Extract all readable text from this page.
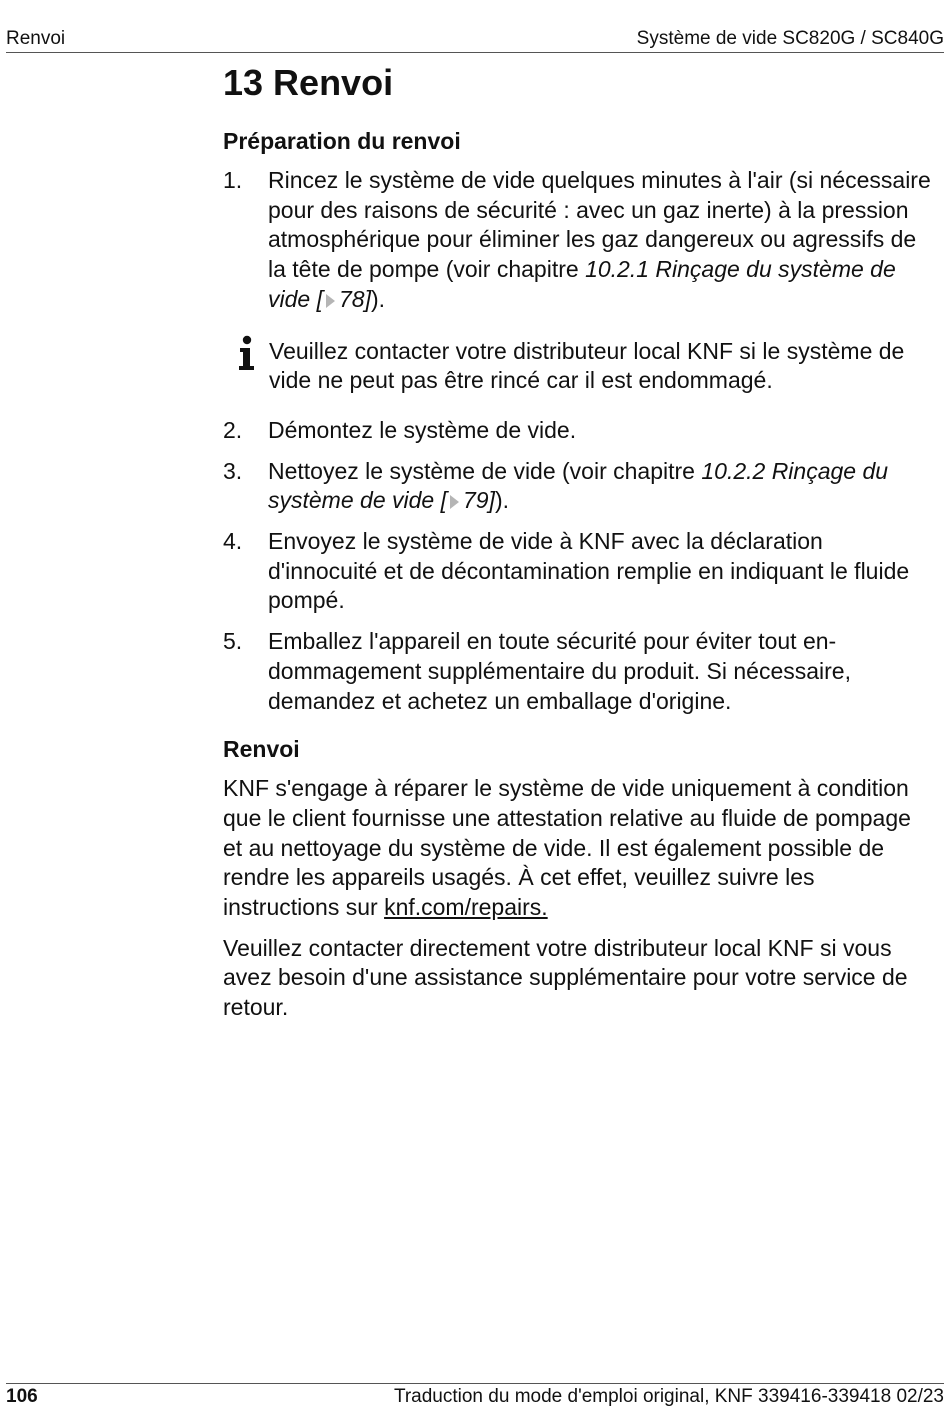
Renvoi	Système de vide SC820G / SC840G
13 Renvoi
Préparation du renvoi
1.	Rincez le système de vide quelques minutes à l'air (si nécessaire pour des raisons de sécurité : avec un gaz inerte) à la pression atmosphérique pour éliminer les gaz dangereux ou agressifs de la tête de pompe (voir chapitre 10.2.1 Rinçage du système de vide [ 78]).
Veuillez contacter votre distributeur local KNF si le système de vide ne peut pas être rincé car il est endommagé.
2.	Démontez le système de vide.
3.	Nettoyez le système de vide (voir chapitre 10.2.2 Rinçage du système de vide [ 79]).
4.	Envoyez le système de vide à KNF avec la déclaration d'innocuité et de décontamination remplie en indiquant le fluide pompé.
5.	Emballez l'appareil en toute sécurité pour éviter tout endommagement supplémentaire du produit. Si nécessaire, demandez et achetez un emballage d'origine.
Renvoi

KNF s'engage à réparer le système de vide uniquement à condition que le client fournisse une attestation relative au fluide de pompage et au nettoyage du système de vide. Il est également possible de rendre les appareils usagés. À cet effet, veuillez suivre les instructions sur knf.com/repairs.

Veuillez contacter directement votre distributeur local KNF si vous avez besoin d'une assistance supplémentaire pour votre service de retour.

106	Traduction du mode d'emploi original, KNF 339416-339418 02/23
